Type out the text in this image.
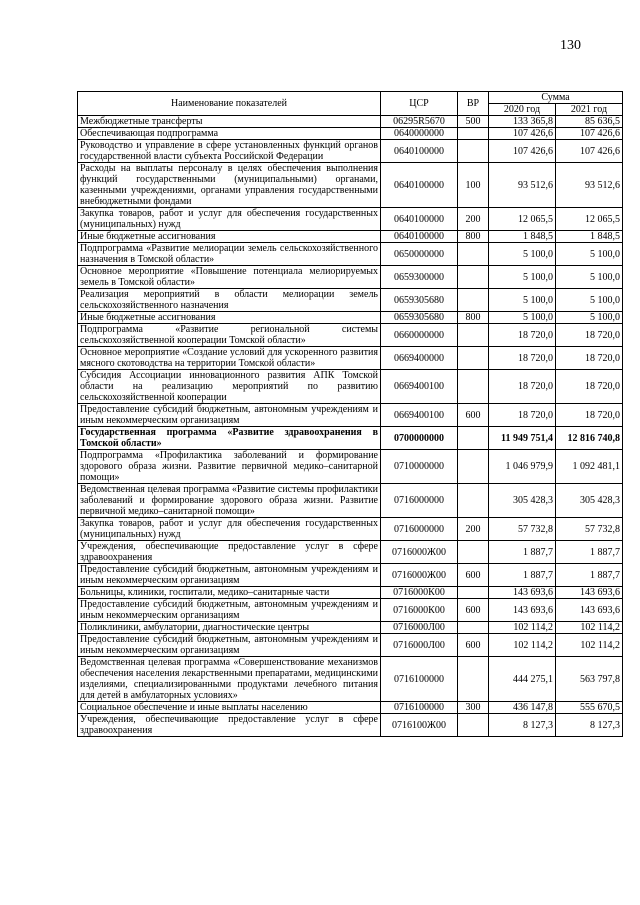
130
Наименование показателей	ЦСР	ВР	Сумма	
			2020 год	2021 год
Межбюджетные трансферты	06295R5670	500	133 365,8	85 636,5
Обеспечивающая подпрограмма	0640000000		107 426,6	107 426,6
Руководство и управление в сфере установленных функций органов государственной власти субъекта Российской Федерации	0640100000		107 426,6	107 426,6
Расходы на выплаты персоналу в целях обеспечения выполнения функций государственными (муниципальными) органами, казенными учреждениями, органами управления государственными внебюджетными фондами	0640100000	100	93 512,6	93 512,6
Закупка товаров, работ и услуг для обеспечения государственных (муниципальных) нужд	0640100000	200	12 065,5	12 065,5
Иные бюджетные ассигнования	0640100000	800	1 848,5	1 848,5
Подпрограмма «Развитие мелиорации земель сельскохозяйственного назначения в Томской области»	0650000000		5 100,0	5 100,0
Основное мероприятие «Повышение потенциала мелиорируемых земель в Томской области»	0659300000		5 100,0	5 100,0
Реализация мероприятий в области мелиорации земель сельскохозяйственного назначения	0659305680		5 100,0	5 100,0
Иные бюджетные ассигнования	0659305680	800	5 100,0	5 100,0
Подпрограмма «Развитие региональной системы сельскохозяйственной кооперации Томской области»	0660000000		18 720,0	18 720,0
Основное мероприятие «Создание условий для ускоренного развития мясного скотоводства на территории Томской области»	0669400000		18 720,0	18 720,0
Субсидия Ассоциации инновационного развития АПК Томской области на реализацию мероприятий по развитию сельскохозяйственной кооперации	0669400100		18 720,0	18 720,0
Предоставление субсидий бюджетным, автономным учреждениям и иным некоммерческим организациям	0669400100	600	18 720,0	18 720,0
Государственная программа «Развитие здравоохранения в Томской области»	0700000000		11 949 751,4	12 816 740,8
Подпрограмма «Профилактика заболеваний и формирование здорового образа жизни. Развитие первичной медико–санитарной помощи»	0710000000		1 046 979,9	1 092 481,1
Ведомственная целевая программа «Развитие системы профилактики заболеваний и формирование здорового образа жизни. Развитие первичной медико–санитарной помощи»	0716000000		305 428,3	305 428,3
Закупка товаров, работ и услуг для обеспечения государственных (муниципальных) нужд	0716000000	200	57 732,8	57 732,8
Учреждения, обеспечивающие предоставление услуг в сфере здравоохранения	0716000Ж00		1 887,7	1 887,7
Предоставление субсидий бюджетным, автономным учреждениям и иным некоммерческим организациям	0716000Ж00	600	1 887,7	1 887,7
Больницы, клиники, госпитали, медико–санитарные части	0716000К00		143 693,6	143 693,6
Предоставление субсидий бюджетным, автономным учреждениям и иным некоммерческим организациям	0716000К00	600	143 693,6	143 693,6
Поликлиники, амбулатории, диагностические центры	0716000Л00		102 114,2	102 114,2
Предоставление субсидий бюджетным, автономным учреждениям и иным некоммерческим организациям	0716000Л00	600	102 114,2	102 114,2
Ведомственная целевая программа «Совершенствование механизмов обеспечения населения лекарственными препаратами, медицинскими изделиями, специализированными продуктами лечебного питания для детей в амбулаторных условиях»	0716100000		444 275,1	563 797,8
Социальное обеспечение и иные выплаты населению	0716100000	300	436 147,8	555 670,5
Учреждения, обеспечивающие предоставление услуг в сфере здравоохранения	0716100Ж00		8 127,3	8 127,3
